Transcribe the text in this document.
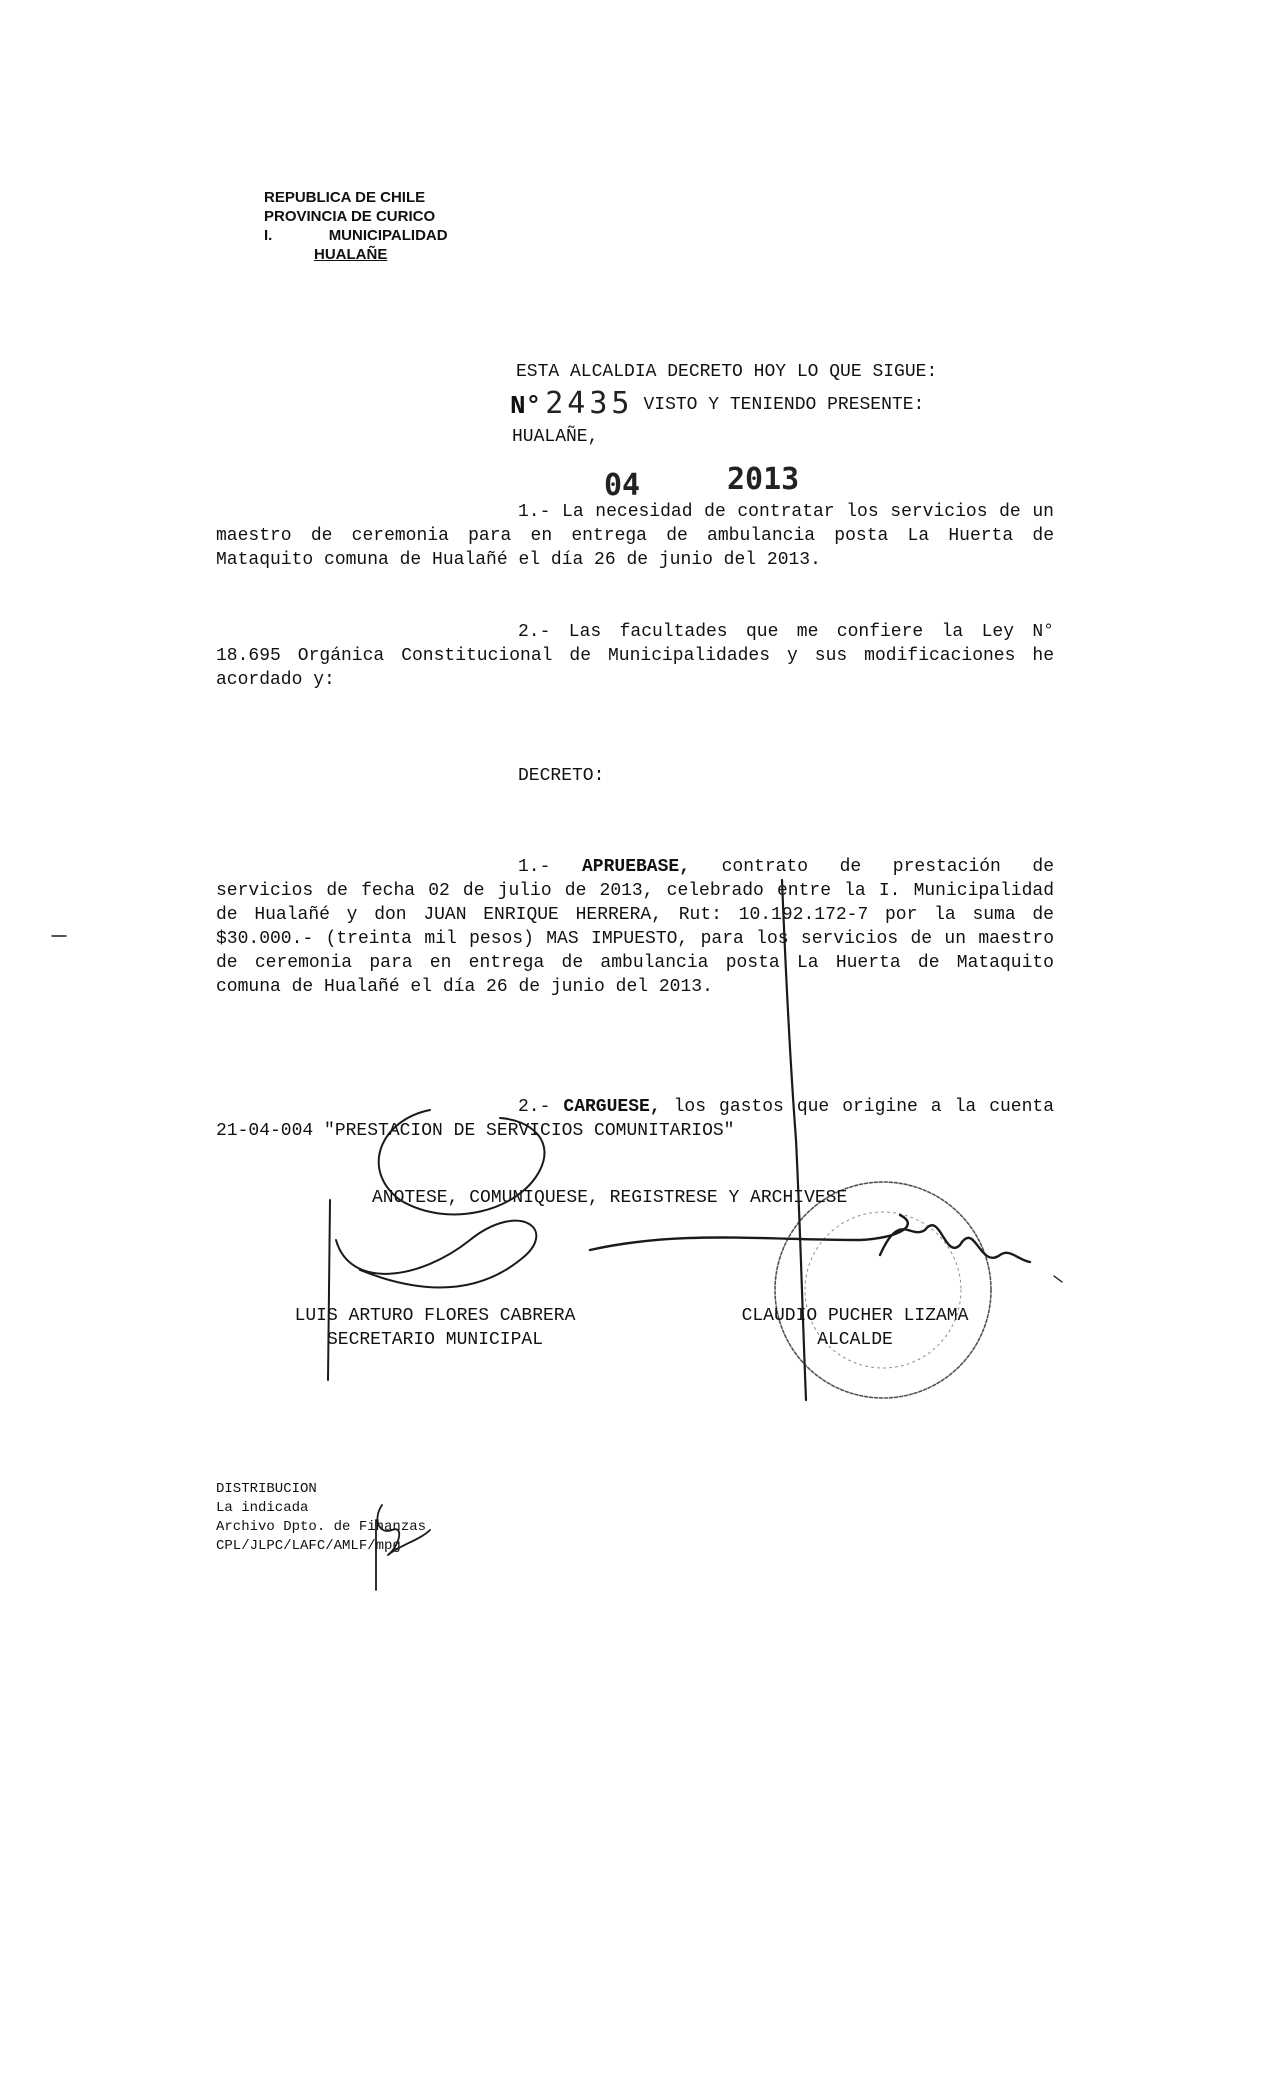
REPUBLICA DE CHILE
PROVINCIA DE CURICO
I.	MUNICIPALIDAD
HUALAÑE
ESTA ALCALDIA DECRETO HOY LO QUE SIGUE:
N° 2435 VISTO Y TENIENDO PRESENTE:
HUALAÑE,
04	2013
1.- La necesidad de contratar los servicios de un maestro de ceremonia para en entrega de ambulancia posta La Huerta de Mataquito comuna de Hualañé el día 26 de junio del 2013.
2.- Las facultades que me confiere la Ley N° 18.695 Orgánica Constitucional de Municipalidades y sus modificaciones he acordado y:
DECRETO:
1.- APRUEBASE, contrato de prestación de servicios de fecha 02 de julio de 2013, celebrado entre la I. Municipalidad de Hualañé y don JUAN ENRIQUE HERRERA, Rut: 10.192.172-7 por la suma de $30.000.- (treinta mil pesos) MAS IMPUESTO, para los servicios de un maestro de ceremonia para en entrega de ambulancia posta La Huerta de Mataquito comuna de Hualañé el día 26 de junio del 2013.
2.- CARGUESE, los gastos que origine a la cuenta 21-04-004 "PRESTACION DE SERVICIOS COMUNITARIOS"
ANOTESE, COMUNIQUESE, REGISTRESE Y ARCHIVESE
LUIS ARTURO FLORES CABRERA
SECRETARIO MUNICIPAL
CLAUDIO PUCHER LIZAMA
ALCALDE
DISTRIBUCION
La indicada
Archivo Dpto. de Finanzas
CPL/JLPC/LAFC/AMLF/mpg
